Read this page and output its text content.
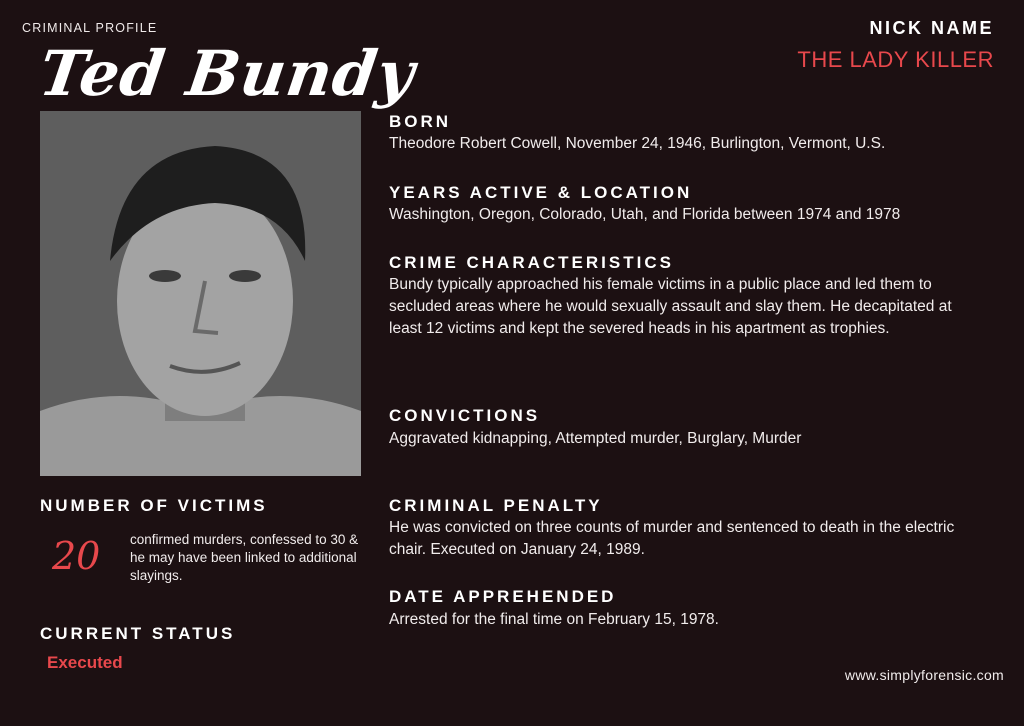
CRIMINAL PROFILE
Ted Bundy
NICK NAME
THE LADY KILLER
BORN
Theodore Robert Cowell, November 24, 1946, Burlington, Vermont, U.S.
YEARS ACTIVE & LOCATION
Washington, Oregon, Colorado, Utah, and Florida between 1974 and 1978
CRIME CHARACTERISTICS
Bundy typically approached his female victims in a public place and led them to secluded areas where he would sexually assault and slay them. He decapitated at least 12 victims and kept the severed heads in his apartment as trophies.
CONVICTIONS
Aggravated kidnapping, Attempted murder, Burglary, Murder
CRIMINAL PENALTY
He was convicted on three counts of murder and sentenced to death in the electric chair. Executed on January 24, 1989.
DATE APPREHENDED
Arrested for the final time on February 15, 1978.
NUMBER OF VICTIMS
20 confirmed murders, confessed to 30 & he may have been linked to additional slayings.
CURRENT STATUS
Executed
www.simplyforensic.com
